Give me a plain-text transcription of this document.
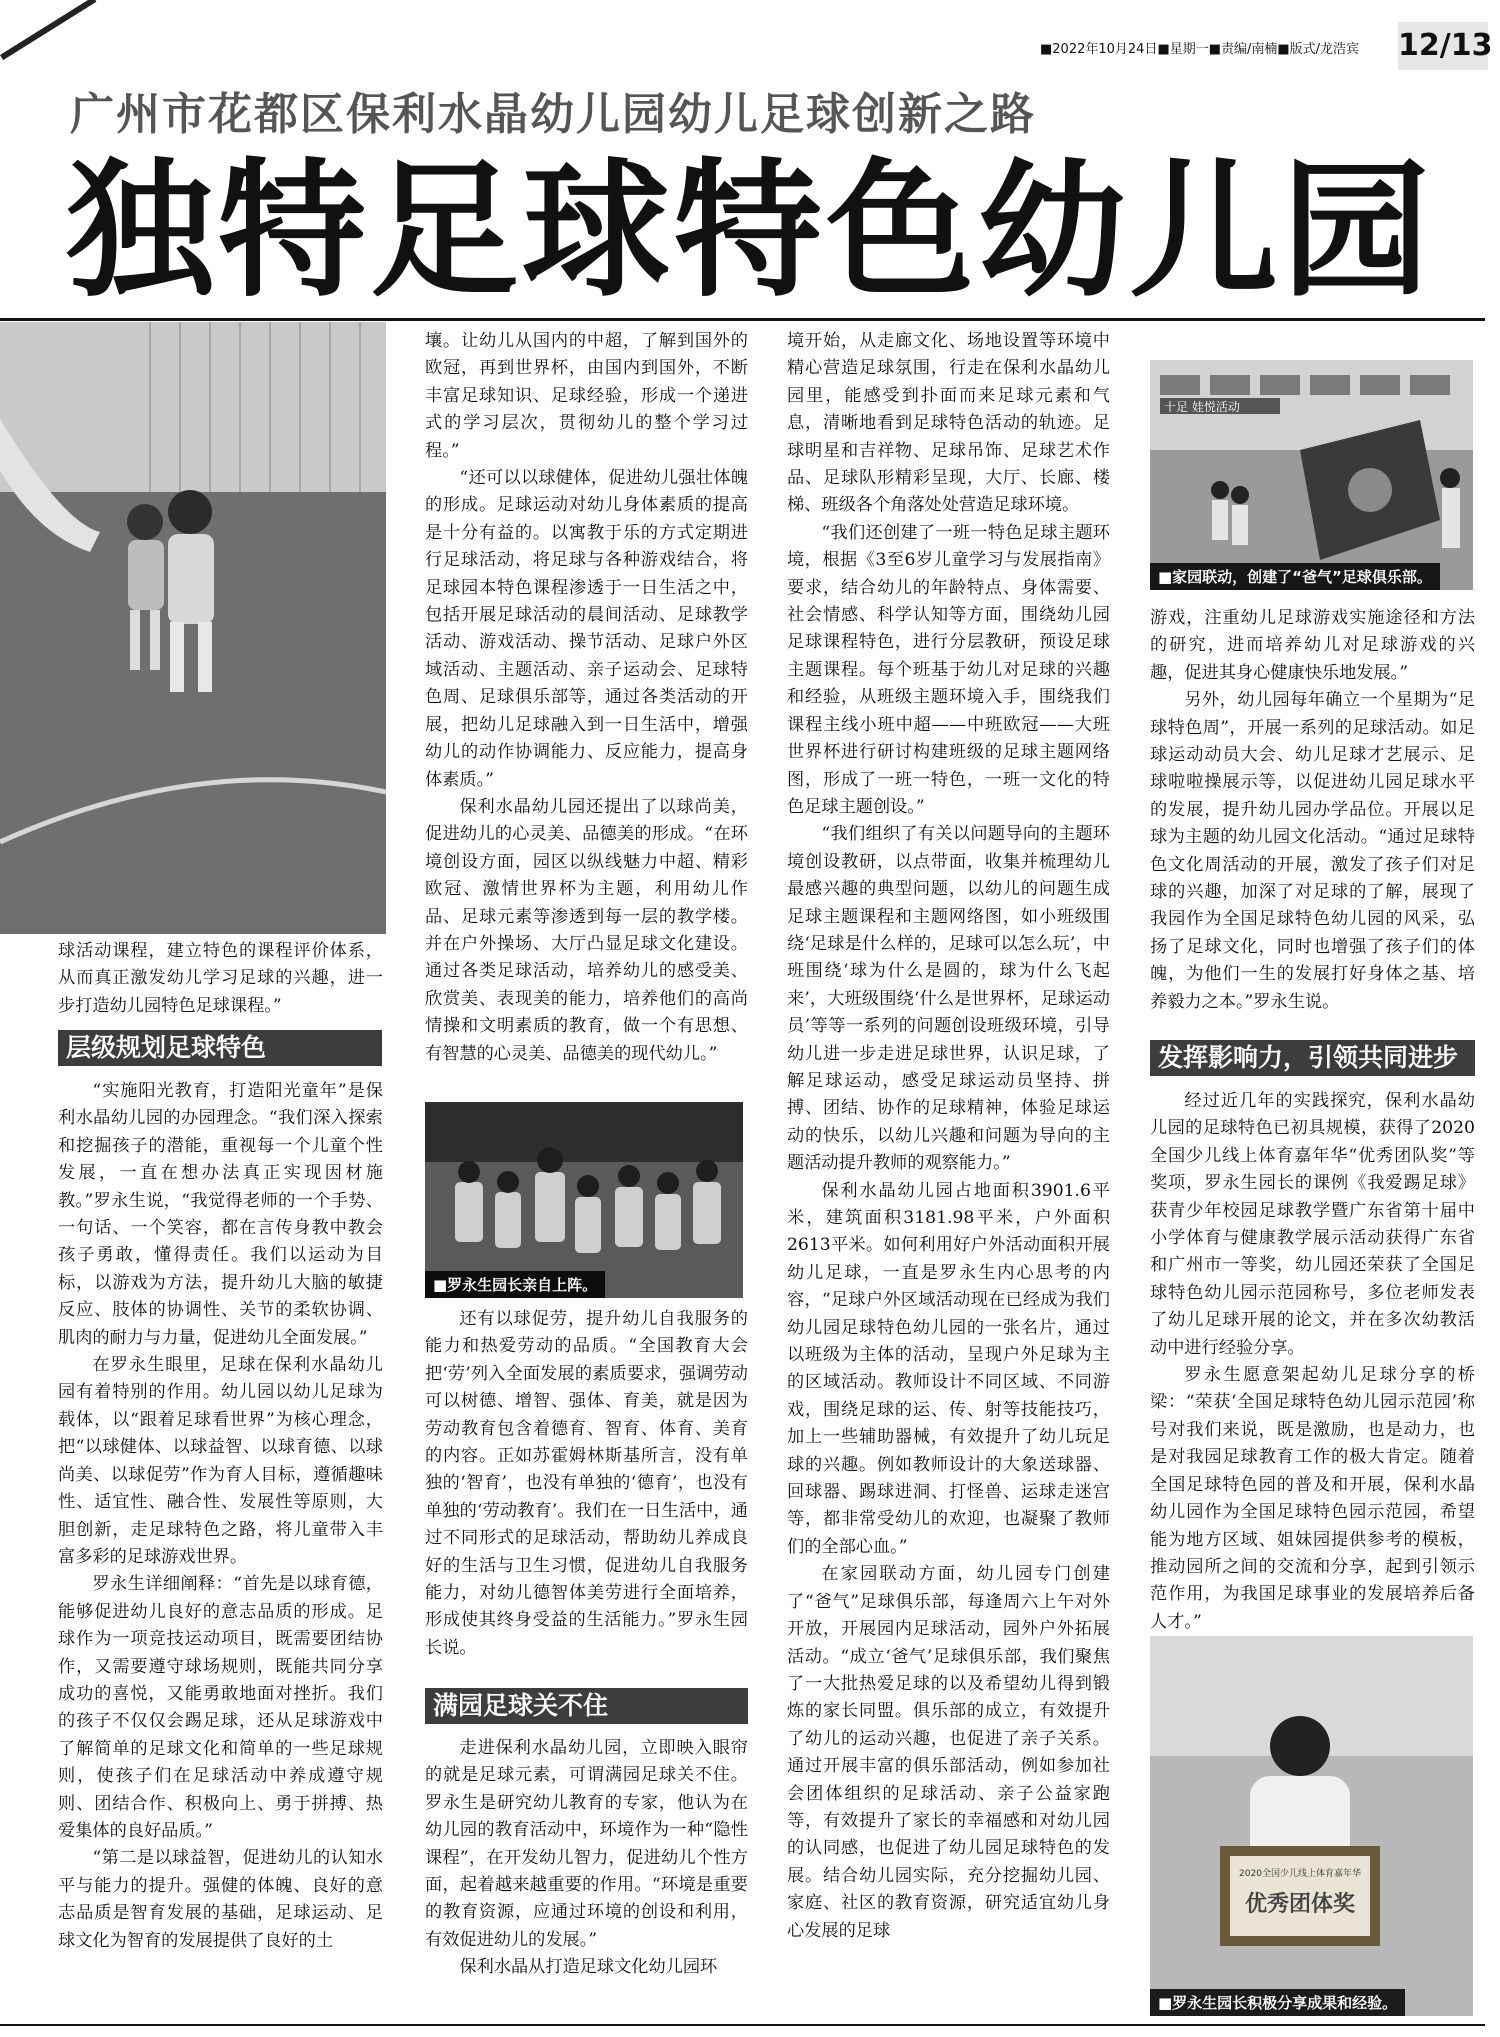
■2022年10月24日■星期一■责编/南楠■版式/龙浩宾 12/13
广州市花都区保利水晶幼儿园幼儿足球创新之路
独特足球特色幼儿园

球活动课程，建立特色的课程评价体系，从而真正激发幼儿学习足球的兴趣，进一步打造幼儿园特色足球课程。”

层级规划足球特色

“实施阳光教育，打造阳光童年”是保利水晶幼儿园的办园理念。“我们深入探索和挖掘孩子的潜能，重视每一个儿童个性发展，一直在想办法真正实现因材施教。”罗永生说，“我觉得老师的一个手势、一句话、一个笑容，都在言传身教中教会孩子勇敢，懂得责任。我们以运动为目标，以游戏为方法，提升幼儿大脑的敏捷反应、肢体的协调性、关节的柔软协调、肌肉的耐力与力量，促进幼儿全面发展。”

在罗永生眼里，足球在保利水晶幼儿园有着特别的作用。幼儿园以幼儿足球为载体，以“跟着足球看世界”为核心理念，把“以球健体、以球益智、以球育德、以球尚美、以球促劳”作为育人目标，遵循趣味性、适宜性、融合性、发展性等原则，大胆创新，走足球特色之路，将儿童带入丰富多彩的足球游戏世界。

罗永生详细阐释：“首先是以球育德，能够促进幼儿良好的意志品质的形成。足球作为一项竞技运动项目，既需要团结协作，又需要遵守球场规则，既能共同分享成功的喜悦，又能勇敢地面对挫折。我们的孩子不仅仅会踢足球，还从足球游戏中了解简单的足球文化和简单的一些足球规则，使孩子们在足球活动中养成遵守规则、团结合作、积极向上、勇于拼搏、热爱集体的良好品质。”

“第二是以球益智，促进幼儿的认知水平与能力的提升。强健的体魄、良好的意志品质是智育发展的基础，足球运动、足球文化为智育的发展提供了良好的土

壤。让幼儿从国内的中超，了解到国外的欧冠，再到世界杯，由国内到国外，不断丰富足球知识、足球经验，形成一个递进式的学习层次，贯彻幼儿的整个学习过程。”

“还可以以球健体，促进幼儿强壮体魄的形成。足球运动对幼儿身体素质的提高是十分有益的。以寓教于乐的方式定期进行足球活动，将足球与各种游戏结合，将足球园本特色课程渗透于一日生活之中，包括开展足球活动的晨间活动、足球教学活动、游戏活动、操节活动、足球户外区域活动、主题活动、亲子运动会、足球特色周、足球俱乐部等，通过各类活动的开展，把幼儿足球融入到一日生活中，增强幼儿的动作协调能力、反应能力，提高身体素质。”

保利水晶幼儿园还提出了以球尚美，促进幼儿的心灵美、品德美的形成。“在环境创设方面，园区以纵线魅力中超、精彩欧冠、激情世界杯为主题，利用幼儿作品、足球元素等渗透到每一层的教学楼。并在户外操场、大厅凸显足球文化建设。通过各类足球活动，培养幼儿的感受美、欣赏美、表现美的能力，培养他们的高尚情操和文明素质的教育，做一个有思想、有智慧的心灵美、品德美的现代幼儿。”

■罗永生园长亲自上阵。

还有以球促劳，提升幼儿自我服务的能力和热爱劳动的品质。“全国教育大会把‘劳’列入全面发展的素质要求，强调劳动可以树德、增智、强体、育美，就是因为劳动教育包含着德育、智育、体育、美育的内容。正如苏霍姆林斯基所言，没有单独的‘智育’，也没有单独的‘德育’，也没有单独的‘劳动教育’。我们在一日生活中，通过不同形式的足球活动，帮助幼儿养成良好的生活与卫生习惯，促进幼儿自我服务能力，对幼儿德智体美劳进行全面培养，形成使其终身受益的生活能力。”罗永生园长说。

满园足球关不住

走进保利水晶幼儿园，立即映入眼帘的就是足球元素，可谓满园足球关不住。罗永生是研究幼儿教育的专家，他认为在幼儿园的教育活动中，环境作为一种“隐性课程”，在开发幼儿智力，促进幼儿个性方面，起着越来越重要的作用。“环境是重要的教育资源，应通过环境的创设和利用，有效促进幼儿的发展。”

保利水晶从打造足球文化幼儿园环

境开始，从走廊文化、场地设置等环境中精心营造足球氛围，行走在保利水晶幼儿园里，能感受到扑面而来足球元素和气息，清晰地看到足球特色活动的轨迹。足球明星和吉祥物、足球吊饰、足球艺术作品、足球队形精彩呈现，大厅、长廊、楼梯、班级各个角落处处营造足球环境。

“我们还创建了一班一特色足球主题环境，根据《3至6岁儿童学习与发展指南》要求，结合幼儿的年龄特点、身体需要、社会情感、科学认知等方面，围绕幼儿园足球课程特色，进行分层教研，预设足球主题课程。每个班基于幼儿对足球的兴趣和经验，从班级主题环境入手，围绕我们课程主线小班中超——中班欧冠——大班世界杯进行研讨构建班级的足球主题网络图，形成了一班一特色，一班一文化的特色足球主题创设。”

“我们组织了有关以问题导向的主题环境创设教研，以点带面，收集并梳理幼儿最感兴趣的典型问题，以幼儿的问题生成足球主题课程和主题网络图，如小班级围绕‘足球是什么样的，足球可以怎么玩’，中班围绕‘球为什么是圆的，球为什么飞起来’，大班级围绕‘什么是世界杯，足球运动员’等等一系列的问题创设班级环境，引导幼儿进一步走进足球世界，认识足球，了解足球运动，感受足球运动员坚持、拼搏、团结、协作的足球精神，体验足球运动的快乐，以幼儿兴趣和问题为导向的主题活动提升教师的观察能力。”

保利水晶幼儿园占地面积3901.6平米，建筑面积3181.98平米，户外面积2613平米。如何利用好户外活动面积开展幼儿足球，一直是罗永生内心思考的内容，“足球户外区域活动现在已经成为我们幼儿园足球特色幼儿园的一张名片，通过以班级为主体的活动，呈现户外足球为主的区域活动。教师设计不同区域、不同游戏，围绕足球的运、传、射等技能技巧，加上一些辅助器械，有效提升了幼儿玩足球的兴趣。例如教师设计的大象送球器、回球器、踢球进洞、打怪兽、运球走迷宫等，都非常受幼儿的欢迎，也凝聚了教师们的全部心血。”

在家园联动方面，幼儿园专门创建了“爸气”足球俱乐部，每逢周六上午对外开放，开展园内足球活动，园外户外拓展活动。“成立‘爸气’足球俱乐部，我们聚焦了一大批热爱足球的以及希望幼儿得到锻炼的家长同盟。俱乐部的成立，有效提升了幼儿的运动兴趣，也促进了亲子关系。通过开展丰富的俱乐部活动，例如参加社会团体组织的足球活动、亲子公益家跑等，有效提升了家长的幸福感和对幼儿园的认同感，也促进了幼儿园足球特色的发展。结合幼儿园实际，充分挖掘幼儿园、家庭、社区的教育资源，研究适宜幼儿身心发展的足球

十足 娃悦活动
■家园联动，创建了“爸气”足球俱乐部。

游戏，注重幼儿足球游戏实施途径和方法的研究，进而培养幼儿对足球游戏的兴趣，促进其身心健康快乐地发展。”

另外，幼儿园每年确立一个星期为“足球特色周”，开展一系列的足球活动。如足球运动动员大会、幼儿足球才艺展示、足球啦啦操展示等，以促进幼儿园足球水平的发展，提升幼儿园办学品位。开展以足球为主题的幼儿园文化活动。“通过足球特色文化周活动的开展，激发了孩子们对足球的兴趣，加深了对足球的了解，展现了我园作为全国足球特色幼儿园的风采，弘扬了足球文化，同时也增强了孩子们的体魄，为他们一生的发展打好身体之基、培养毅力之本。”罗永生说。

发挥影响力，引领共同进步

经过近几年的实践探究，保利水晶幼儿园的足球特色已初具规模，获得了2020全国少儿线上体育嘉年华“优秀团队奖”等奖项，罗永生园长的课例《我爱踢足球》获青少年校园足球教学暨广东省第十届中小学体育与健康教学展示活动获得广东省和广州市一等奖，幼儿园还荣获了全国足球特色幼儿园示范园称号，多位老师发表了幼儿足球开展的论文，并在多次幼教活动中进行经验分享。

罗永生愿意架起幼儿足球分享的桥梁：“荣获‘全国足球特色幼儿园示范园’称号对我们来说，既是激励，也是动力，也是对我园足球教育工作的极大肯定。随着全国足球特色园的普及和开展，保利水晶幼儿园作为全国足球特色园示范园，希望能为地方区域、姐妹园提供参考的模板，推动园所之间的交流和分享，起到引领示范作用，为我国足球事业的发展培养后备人才。”

2020全国少儿线上体育嘉年华
优秀团体奖
■罗永生园长积极分享成果和经验。
